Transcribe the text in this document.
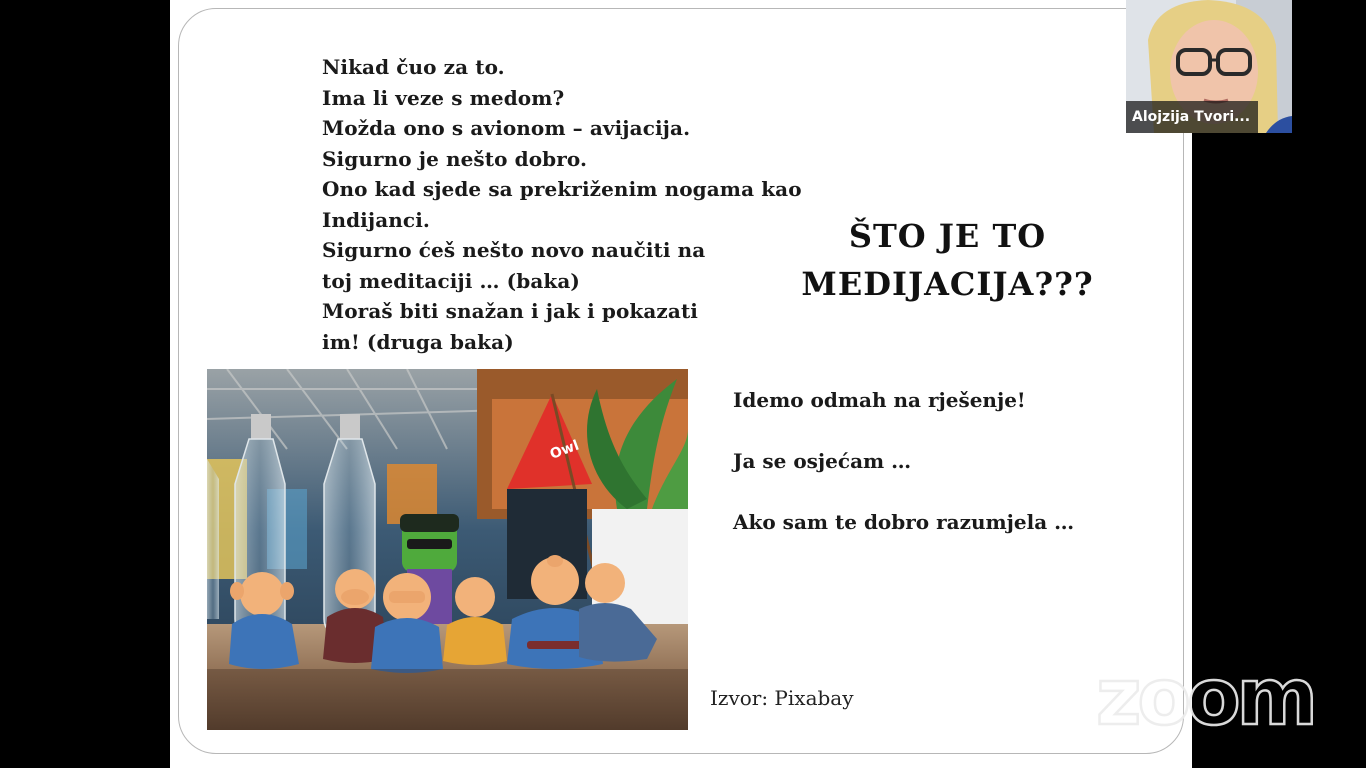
Nikad čuo za to.
Ima li veze s medom?
Možda ono s avionom – avijacija.
Sigurno je nešto dobro.
Ono kad sjede sa prekriženim nogama kao
Indijanci.
Sigurno ćeš nešto novo naučiti na
toj meditaciji … (baka)
Moraš biti snažan i jak i pokazati
im! (druga baka)
ŠTO JE TO
MEDIJACIJA???
Idemo odmah na rješenje!
Ja se osjećam …
Ako sam te dobro razumjela …
Izvor: Pixabay
Owl
Alojzija Tvori...
zoom
